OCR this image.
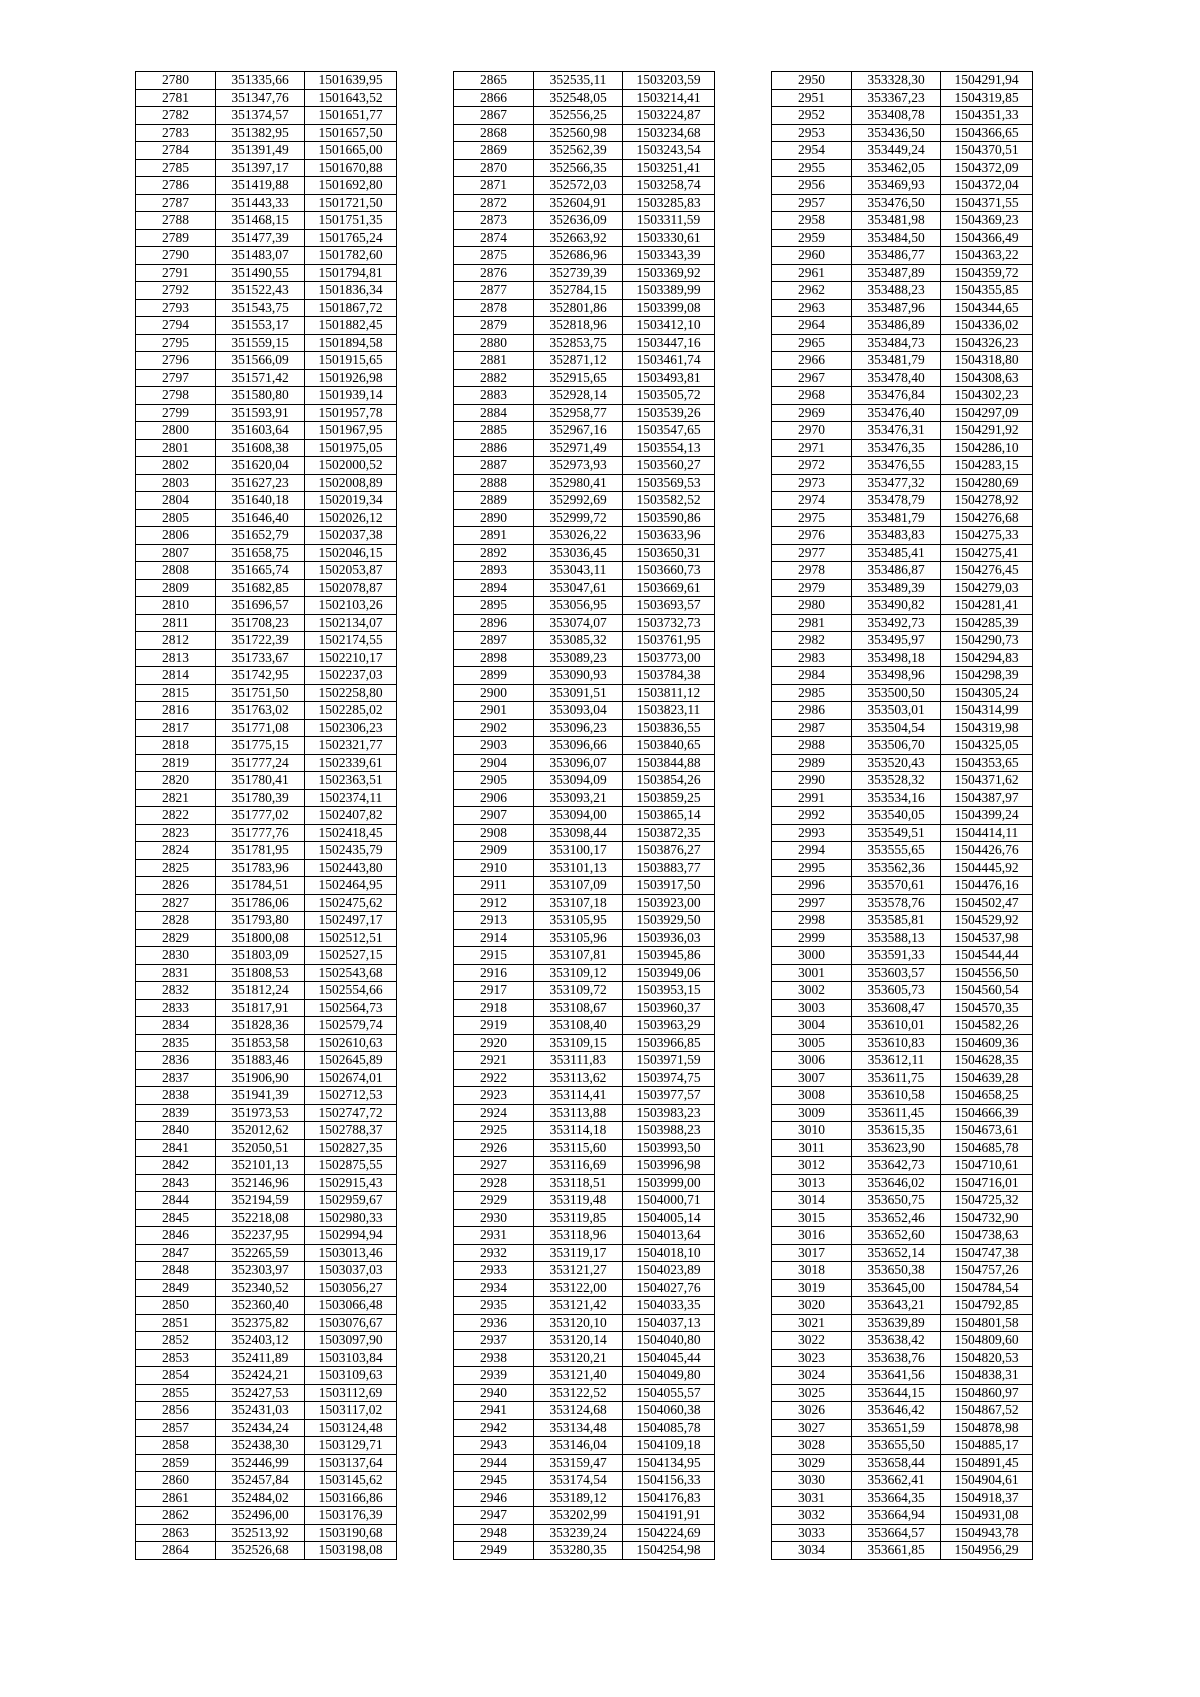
2780	351335,66	1501639,95
2781	351347,76	1501643,52
2782	351374,57	1501651,77
2783	351382,95	1501657,50
2784	351391,49	1501665,00
2785	351397,17	1501670,88
2786	351419,88	1501692,80
2787	351443,33	1501721,50
2788	351468,15	1501751,35
2789	351477,39	1501765,24
2790	351483,07	1501782,60
2791	351490,55	1501794,81
2792	351522,43	1501836,34
2793	351543,75	1501867,72
2794	351553,17	1501882,45
2795	351559,15	1501894,58
2796	351566,09	1501915,65
2797	351571,42	1501926,98
2798	351580,80	1501939,14
2799	351593,91	1501957,78
2800	351603,64	1501967,95
2801	351608,38	1501975,05
2802	351620,04	1502000,52
2803	351627,23	1502008,89
2804	351640,18	1502019,34
2805	351646,40	1502026,12
2806	351652,79	1502037,38
2807	351658,75	1502046,15
2808	351665,74	1502053,87
2809	351682,85	1502078,87
2810	351696,57	1502103,26
2811	351708,23	1502134,07
2812	351722,39	1502174,55
2813	351733,67	1502210,17
2814	351742,95	1502237,03
2815	351751,50	1502258,80
2816	351763,02	1502285,02
2817	351771,08	1502306,23
2818	351775,15	1502321,77
2819	351777,24	1502339,61
2820	351780,41	1502363,51
2821	351780,39	1502374,11
2822	351777,02	1502407,82
2823	351777,76	1502418,45
2824	351781,95	1502435,79
2825	351783,96	1502443,80
2826	351784,51	1502464,95
2827	351786,06	1502475,62
2828	351793,80	1502497,17
2829	351800,08	1502512,51
2830	351803,09	1502527,15
2831	351808,53	1502543,68
2832	351812,24	1502554,66
2833	351817,91	1502564,73
2834	351828,36	1502579,74
2835	351853,58	1502610,63
2836	351883,46	1502645,89
2837	351906,90	1502674,01
2838	351941,39	1502712,53
2839	351973,53	1502747,72
2840	352012,62	1502788,37
2841	352050,51	1502827,35
2842	352101,13	1502875,55
2843	352146,96	1502915,43
2844	352194,59	1502959,67
2845	352218,08	1502980,33
2846	352237,95	1502994,94
2847	352265,59	1503013,46
2848	352303,97	1503037,03
2849	352340,52	1503056,27
2850	352360,40	1503066,48
2851	352375,82	1503076,67
2852	352403,12	1503097,90
2853	352411,89	1503103,84
2854	352424,21	1503109,63
2855	352427,53	1503112,69
2856	352431,03	1503117,02
2857	352434,24	1503124,48
2858	352438,30	1503129,71
2859	352446,99	1503137,64
2860	352457,84	1503145,62
2861	352484,02	1503166,86
2862	352496,00	1503176,39
2863	352513,92	1503190,68
2864	352526,68	1503198,08
2865	352535,11	1503203,59
2866	352548,05	1503214,41
2867	352556,25	1503224,87
2868	352560,98	1503234,68
2869	352562,39	1503243,54
2870	352566,35	1503251,41
2871	352572,03	1503258,74
2872	352604,91	1503285,83
2873	352636,09	1503311,59
2874	352663,92	1503330,61
2875	352686,96	1503343,39
2876	352739,39	1503369,92
2877	352784,15	1503389,99
2878	352801,86	1503399,08
2879	352818,96	1503412,10
2880	352853,75	1503447,16
2881	352871,12	1503461,74
2882	352915,65	1503493,81
2883	352928,14	1503505,72
2884	352958,77	1503539,26
2885	352967,16	1503547,65
2886	352971,49	1503554,13
2887	352973,93	1503560,27
2888	352980,41	1503569,53
2889	352992,69	1503582,52
2890	352999,72	1503590,86
2891	353026,22	1503633,96
2892	353036,45	1503650,31
2893	353043,11	1503660,73
2894	353047,61	1503669,61
2895	353056,95	1503693,57
2896	353074,07	1503732,73
2897	353085,32	1503761,95
2898	353089,23	1503773,00
2899	353090,93	1503784,38
2900	353091,51	1503811,12
2901	353093,04	1503823,11
2902	353096,23	1503836,55
2903	353096,66	1503840,65
2904	353096,07	1503844,88
2905	353094,09	1503854,26
2906	353093,21	1503859,25
2907	353094,00	1503865,14
2908	353098,44	1503872,35
2909	353100,17	1503876,27
2910	353101,13	1503883,77
2911	353107,09	1503917,50
2912	353107,18	1503923,00
2913	353105,95	1503929,50
2914	353105,96	1503936,03
2915	353107,81	1503945,86
2916	353109,12	1503949,06
2917	353109,72	1503953,15
2918	353108,67	1503960,37
2919	353108,40	1503963,29
2920	353109,15	1503966,85
2921	353111,83	1503971,59
2922	353113,62	1503974,75
2923	353114,41	1503977,57
2924	353113,88	1503983,23
2925	353114,18	1503988,23
2926	353115,60	1503993,50
2927	353116,69	1503996,98
2928	353118,51	1503999,00
2929	353119,48	1504000,71
2930	353119,85	1504005,14
2931	353118,96	1504013,64
2932	353119,17	1504018,10
2933	353121,27	1504023,89
2934	353122,00	1504027,76
2935	353121,42	1504033,35
2936	353120,10	1504037,13
2937	353120,14	1504040,80
2938	353120,21	1504045,44
2939	353121,40	1504049,80
2940	353122,52	1504055,57
2941	353124,68	1504060,38
2942	353134,48	1504085,78
2943	353146,04	1504109,18
2944	353159,47	1504134,95
2945	353174,54	1504156,33
2946	353189,12	1504176,83
2947	353202,99	1504191,91
2948	353239,24	1504224,69
2949	353280,35	1504254,98
2950	353328,30	1504291,94
2951	353367,23	1504319,85
2952	353408,78	1504351,33
2953	353436,50	1504366,65
2954	353449,24	1504370,51
2955	353462,05	1504372,09
2956	353469,93	1504372,04
2957	353476,50	1504371,55
2958	353481,98	1504369,23
2959	353484,50	1504366,49
2960	353486,77	1504363,22
2961	353487,89	1504359,72
2962	353488,23	1504355,85
2963	353487,96	1504344,65
2964	353486,89	1504336,02
2965	353484,73	1504326,23
2966	353481,79	1504318,80
2967	353478,40	1504308,63
2968	353476,84	1504302,23
2969	353476,40	1504297,09
2970	353476,31	1504291,92
2971	353476,35	1504286,10
2972	353476,55	1504283,15
2973	353477,32	1504280,69
2974	353478,79	1504278,92
2975	353481,79	1504276,68
2976	353483,83	1504275,33
2977	353485,41	1504275,41
2978	353486,87	1504276,45
2979	353489,39	1504279,03
2980	353490,82	1504281,41
2981	353492,73	1504285,39
2982	353495,97	1504290,73
2983	353498,18	1504294,83
2984	353498,96	1504298,39
2985	353500,50	1504305,24
2986	353503,01	1504314,99
2987	353504,54	1504319,98
2988	353506,70	1504325,05
2989	353520,43	1504353,65
2990	353528,32	1504371,62
2991	353534,16	1504387,97
2992	353540,05	1504399,24
2993	353549,51	1504414,11
2994	353555,65	1504426,76
2995	353562,36	1504445,92
2996	353570,61	1504476,16
2997	353578,76	1504502,47
2998	353585,81	1504529,92
2999	353588,13	1504537,98
3000	353591,33	1504544,44
3001	353603,57	1504556,50
3002	353605,73	1504560,54
3003	353608,47	1504570,35
3004	353610,01	1504582,26
3005	353610,83	1504609,36
3006	353612,11	1504628,35
3007	353611,75	1504639,28
3008	353610,58	1504658,25
3009	353611,45	1504666,39
3010	353615,35	1504673,61
3011	353623,90	1504685,78
3012	353642,73	1504710,61
3013	353646,02	1504716,01
3014	353650,75	1504725,32
3015	353652,46	1504732,90
3016	353652,60	1504738,63
3017	353652,14	1504747,38
3018	353650,38	1504757,26
3019	353645,00	1504784,54
3020	353643,21	1504792,85
3021	353639,89	1504801,58
3022	353638,42	1504809,60
3023	353638,76	1504820,53
3024	353641,56	1504838,31
3025	353644,15	1504860,97
3026	353646,42	1504867,52
3027	353651,59	1504878,98
3028	353655,50	1504885,17
3029	353658,44	1504891,45
3030	353662,41	1504904,61
3031	353664,35	1504918,37
3032	353664,94	1504931,08
3033	353664,57	1504943,78
3034	353661,85	1504956,29
